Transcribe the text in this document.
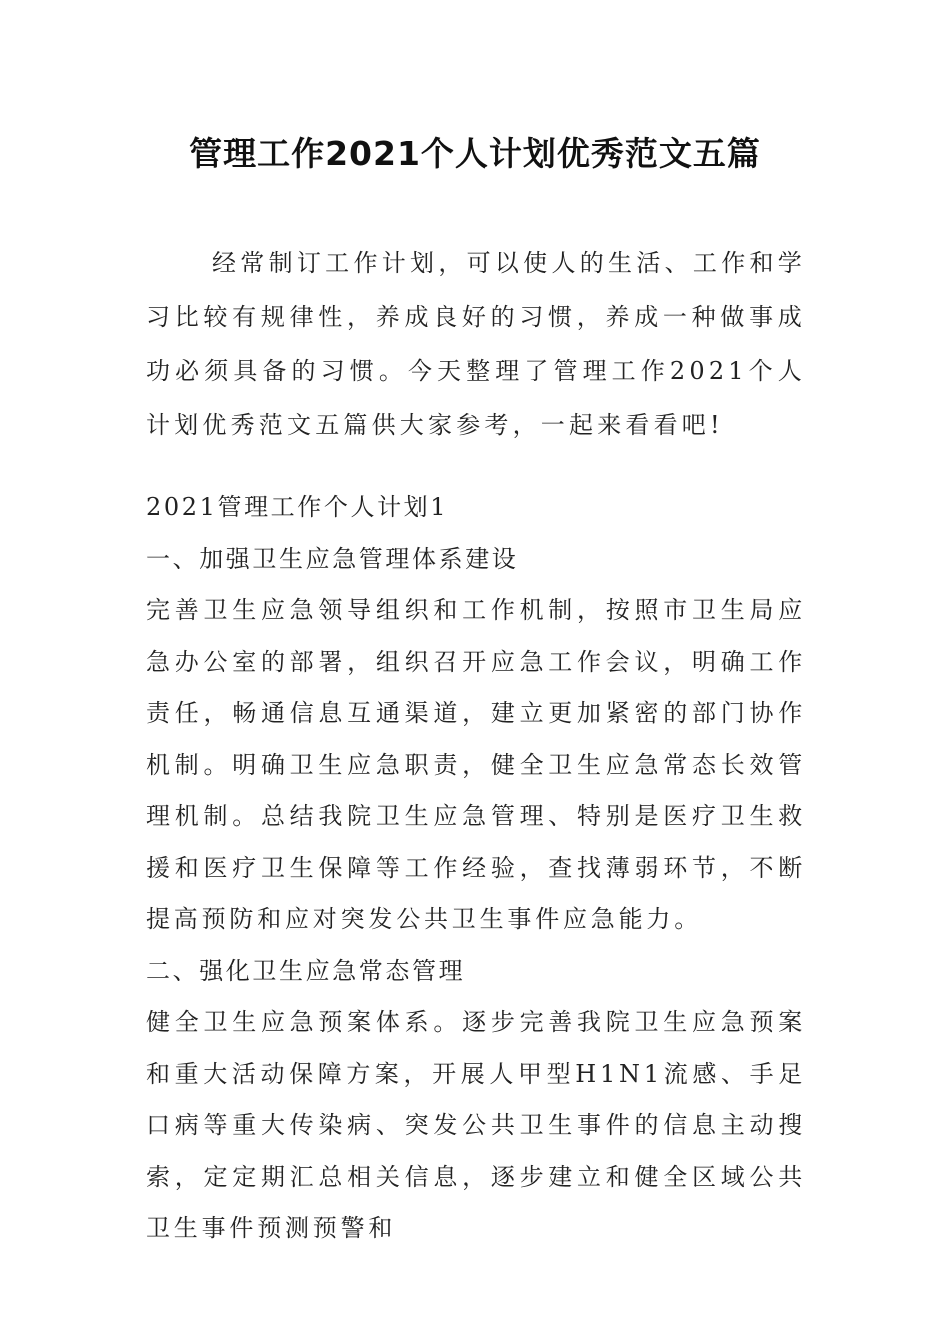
管理工作2021个人计划优秀范文五篇

经常制订工作计划，可以使人的生活、工作和学习比较有规律性，养成良好的习惯，养成一种做事成功必须具备的习惯。今天整理了管理工作2021个人计划优秀范文五篇供大家参考，一起来看看吧!

2021管理工作个人计划1

一、加强卫生应急管理体系建设

完善卫生应急领导组织和工作机制，按照市卫生局应急办公室的部署，组织召开应急工作会议，明确工作责任，畅通信息互通渠道，建立更加紧密的部门协作机制。明确卫生应急职责，健全卫生应急常态长效管理机制。总结我院卫生应急管理、特别是医疗卫生救援和医疗卫生保障等工作经验，查找薄弱环节，不断提高预防和应对突发公共卫生事件应急能力。

二、强化卫生应急常态管理

健全卫生应急预案体系。逐步完善我院卫生应急预案和重大活动保障方案，开展人甲型H1N1流感、手足口病等重大传染病、突发公共卫生事件的信息主动搜索，定定期汇总相关信息，逐步建立和健全区域公共卫生事件预测预警和
